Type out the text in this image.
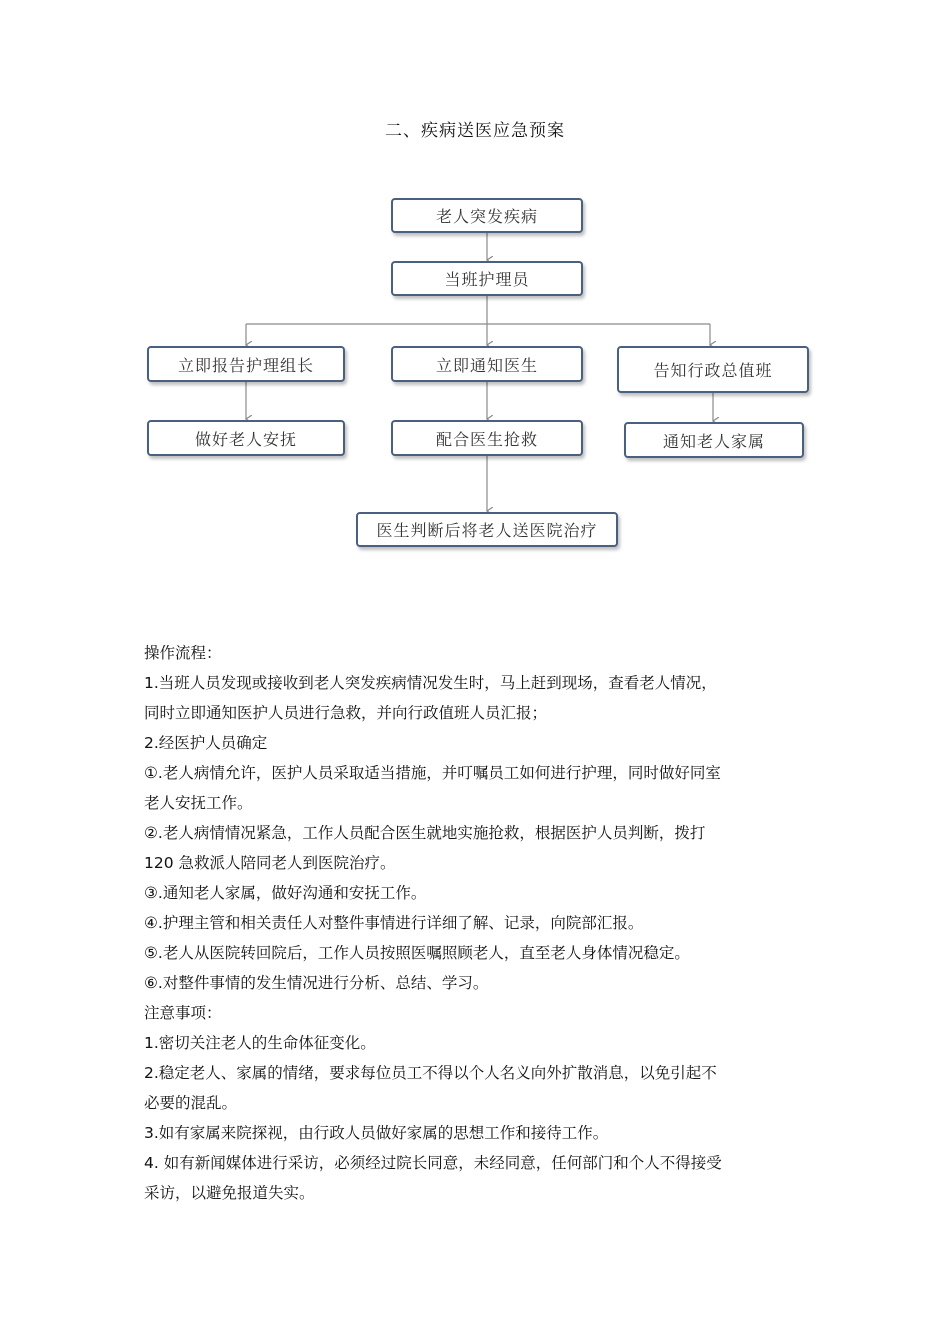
二、疾病送医应急预案
老人突发疾病
当班护理员
立即报告护理组长	立即通知医生	告知行政总值班
做好老人安抚	配合医生抢救	通知老人家属
医生判断后将老人送医院治疗

操作流程：

1.当班人员发现或接收到老人突发疾病情况发生时，马上赶到现场，查看老人情况，

同时立即通知医护人员进行急救，并向行政值班人员汇报；

2.经医护人员确定

①.老人病情允许，医护人员采取适当措施，并叮嘱员工如何进行护理，同时做好同室

老人安抚工作。

②.老人病情情况紧急，工作人员配合医生就地实施抢救，根据医护人员判断，拨打

120 急救派人陪同老人到医院治疗。

③.通知老人家属，做好沟通和安抚工作。

④.护理主管和相关责任人对整件事情进行详细了解、记录，向院部汇报。

⑤.老人从医院转回院后，工作人员按照医嘱照顾老人，直至老人身体情况稳定。

⑥.对整件事情的发生情况进行分析、总结、学习。

注意事项：

1.密切关注老人的生命体征变化。

2.稳定老人、家属的情绪，要求每位员工不得以个人名义向外扩散消息，以免引起不

必要的混乱。

3.如有家属来院探视，由行政人员做好家属的思想工作和接待工作。

4. 如有新闻媒体进行采访，必须经过院长同意，未经同意，任何部门和个人不得接受

采访，以避免报道失实。
